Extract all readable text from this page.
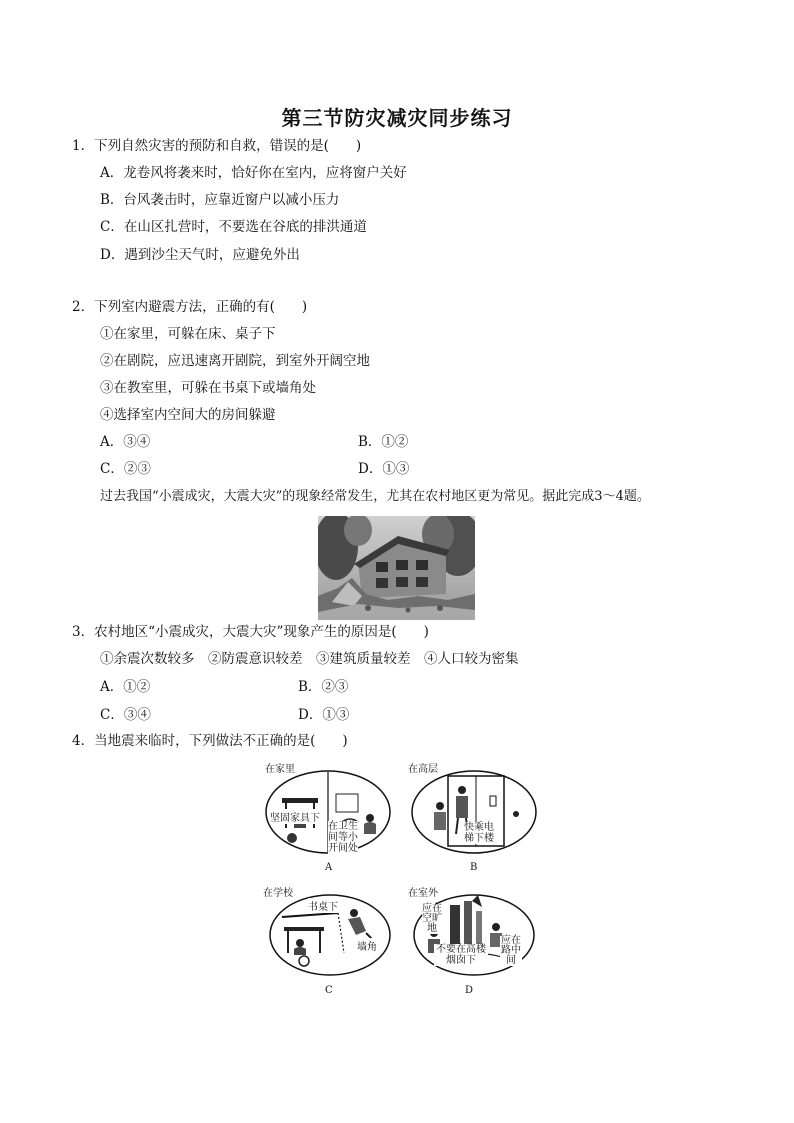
第三节防灾减灾同步练习
1．下列自然灾害的预防和自救，错误的是(　　)
A．龙卷风将袭来时，恰好你在室内，应将窗户关好
B．台风袭击时，应靠近窗户以减小压力
C．在山区扎营时，不要选在谷底的排洪通道
D．遇到沙尘天气时，应避免外出
2．下列室内避震方法，正确的有(　　)
①在家里，可躲在床、桌子下
②在剧院，应迅速离开剧院，到室外开阔空地
③在教室里，可躲在书桌下或墙角处
④选择室内空间大的房间躲避
A．③④	B．①②
C．②③	D．①③
过去我国“小震成灾，大震大灾”的现象经常发生，尤其在农村地区更为常见。据此完成3～4题。
3．农村地区“小震成灾，大震大灾”现象产生的原因是(　　)
①余震次数较多　②防震意识较差　③建筑质量较差　④人口较为密集
A．①②	B．②③
C．③④	D．①③
4．当地震来临时，下列做法不正确的是(　　)
在家里
坚固家具下
在卫生间等小开间处
A
在高层
快乘电梯下楼
B
在学校
书桌下
墙角
C
在室外
应在空旷地
不要在高楼烟囱下
应在路中间
D
